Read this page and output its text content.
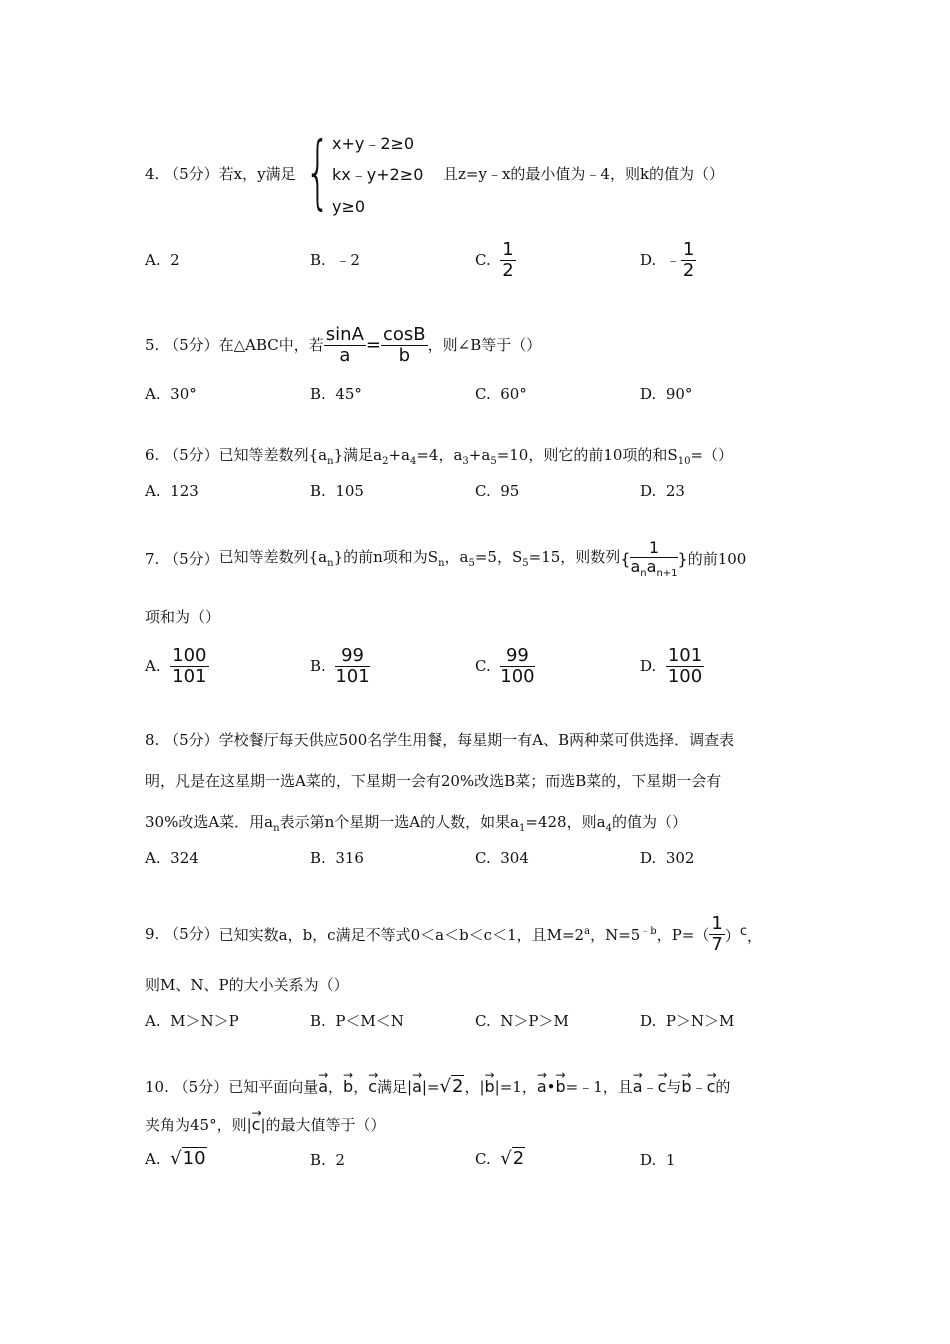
4. （5分）若x，y满足 { x+y﹣2≥0
kx﹣y+2≥0
y≥0
且z=y﹣x的最小值为﹣4，则k的值为（）
A. 2	B. ﹣2	C. $\frac{1}{2}$	D. ﹣ $\frac{1}{2}$
5. （5分）在△ABC中，若 $\frac{\sin A}{a} = \frac{\cos B}{b}$ ，则∠B等于（）
A. 30°	B. 45°	C. 60°	D. 90°
6. （5分）已知等差数列$\{a_n\}$满足$a_2+a_4=4$，$a_3+a_5=10$，则它的前10项的和$S_{10}=()$
A. 123	B. 105	C. 95	D. 23
7. （5分）已知等差数列$\{a_n\}$的前n项和为$S_n$，$a_5=5$，$S_5=15$，则数列{ $\frac{1}{a_na_{n+1}}$ }的前100
项和为（）
A. $\frac{100}{101}$	B. $\frac{99}{101}$	C. $\frac{99}{100}$	D. $\frac{101}{100}$
8. （5分）学校餐厅每天供应500名学生用餐，每星期一有A、B两种菜可供选择．调查表
明，凡是在这星期一选A菜的，下星期一会有20%改选B菜；而选B菜的，下星期一会有
30%改选A菜．用$a_n$表示第n个星期一选A的人数，如果$a_1=428$，则$a_4$的值为（）
A. 324	B. 316	C. 304	D. 302
9. （5分）已知实数a，b，c满足不等式0＜a＜b＜c＜1，且$M=2^a$，$N=5^{﹣b}$，$P=( \frac{1}{7} )^c$，
则M、N、P的大小关系为（）
A. M＞N＞P	B. P＜M＜N	C. N＞P＞M	D. P＞N＞M
10. （5分）已知平面向量→ a，→ b，→ c满足|→ a|=√2，|→ b|=1，→ a•→ b=﹣1，且→ a﹣→ c与→ b﹣→ c的
夹角为45°，则|→ c|的最大值等于（）
A. √10	B. 2	C. √2	D. 1
